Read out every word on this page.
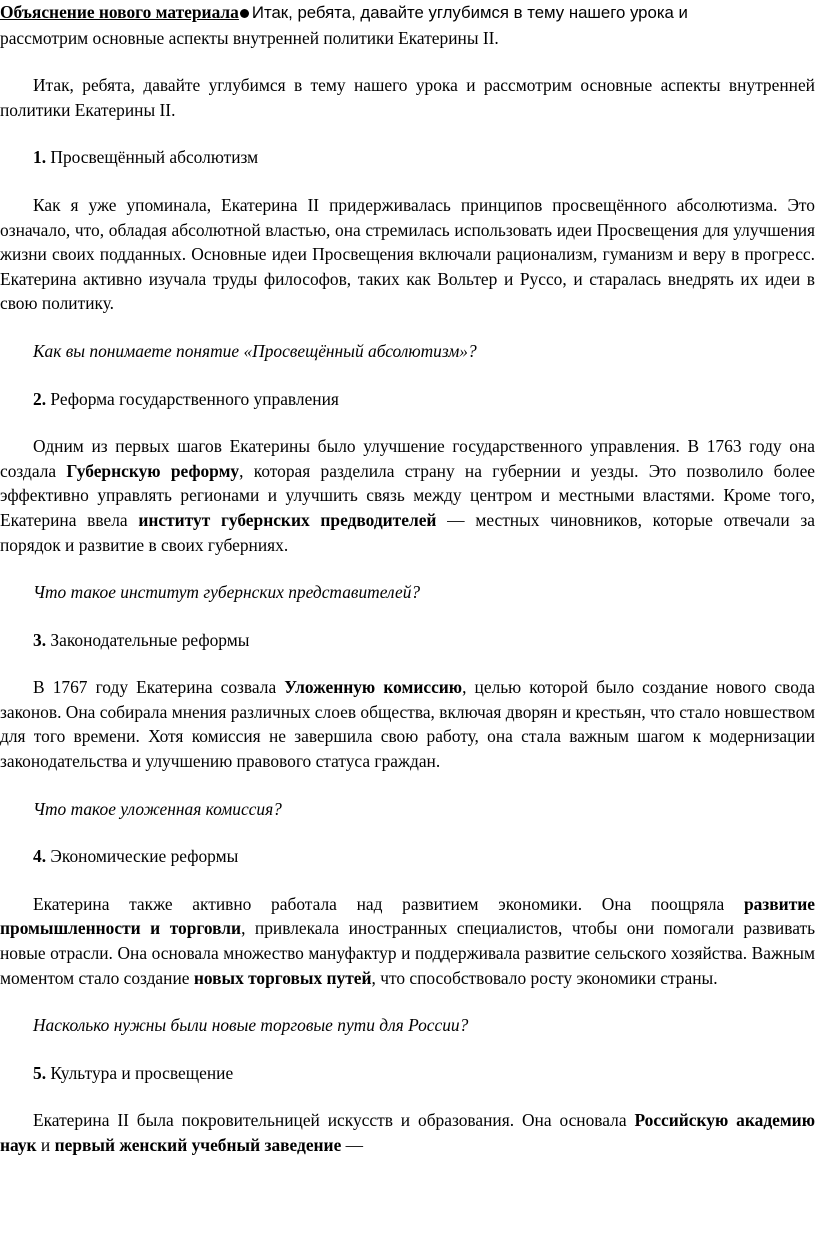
Объяснение нового материала Итак, ребята, давайте углубимся в тему нашего урока и
рассмотрим основные аспекты внутренней политики Екатерины II.

Итак, ребята, давайте углубимся в тему нашего урока и рассмотрим основные аспекты внутренней политики Екатерины II.

1. Просвещённый абсолютизм

Как я уже упоминала, Екатерина II придерживалась принципов просвещённого абсолютизма. Это означало, что, обладая абсолютной властью, она стремилась использовать идеи Просвещения для улучшения жизни своих подданных. Основные идеи Просвещения включали рационализм, гуманизм и веру в прогресс. Екатерина активно изучала труды философов, таких как Вольтер и Руссо, и старалась внедрять их идеи в свою политику.

Как вы понимаете понятие «Просвещённый абсолютизм»?

2. Реформа государственного управления

Одним из первых шагов Екатерины было улучшение государственного управления. В 1763 году она создала Губернскую реформу, которая разделила страну на губернии и уезды. Это позволило более эффективно управлять регионами и улучшить связь между центром и местными властями. Кроме того, Екатерина ввела институт губернских предводителей — местных чиновников, которые отвечали за порядок и развитие в своих губерниях.

Что такое институт губернских представителей?

3. Законодательные реформы

В 1767 году Екатерина созвала Уложенную комиссию, целью которой было создание нового свода законов. Она собирала мнения различных слоев общества, включая дворян и крестьян, что стало новшеством для того времени. Хотя комиссия не завершила свою работу, она стала важным шагом к модернизации законодательства и улучшению правового статуса граждан.

Что такое уложенная комиссия?

4. Экономические реформы

Екатерина также активно работала над развитием экономики. Она поощряла развитие промышленности и торговли, привлекала иностранных специалистов, чтобы они помогали развивать новые отрасли. Она основала множество мануфактур и поддерживала развитие сельского хозяйства. Важным моментом стало создание новых торговых путей, что способствовало росту экономики страны.

Насколько нужны были новые торговые пути для России?

5. Культура и просвещение

Екатерина II была покровительницей искусств и образования. Она основала Российскую академию наук и первый женский учебный заведение —
